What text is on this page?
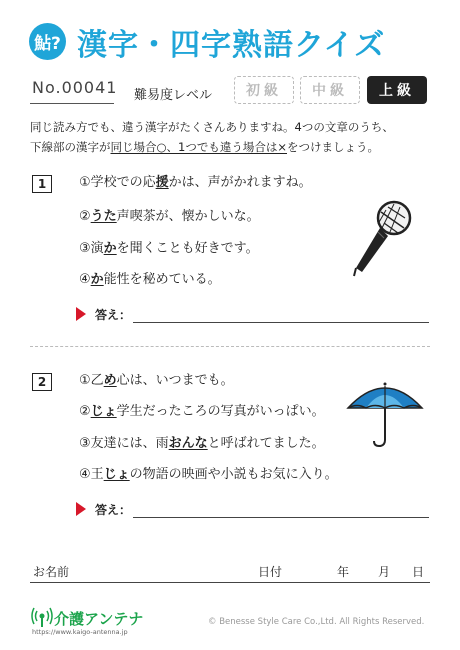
鮎? 漢字・四字熟語クイズ
No.00041 難易度レベル	初級	中級	上級
同じ読み方でも、違う漢字がたくさんありますね。4つの文章のうち、
下線部の漢字が同じ場合○、1つでも違う場合は×をつけましょう。
1	①学校での応援かは、声がかれますね。
②うた声喫茶が、懐かしいな。
③演かを聞くことも好きです。
④か能性を秘めている。
答え：
2	①乙め心は、いつまでも。
②じょ学生だったころの写真がいっぱい。
③友達には、雨おんなと呼ばれてました。
④王じょの物語の映画や小説もお気に入り。
答え：
お名前	日付	年 月 日
介護アンテナ
https://www.kaigo-antenna.jp
© Benesse Style Care Co.,Ltd. All Rights Reserved.
